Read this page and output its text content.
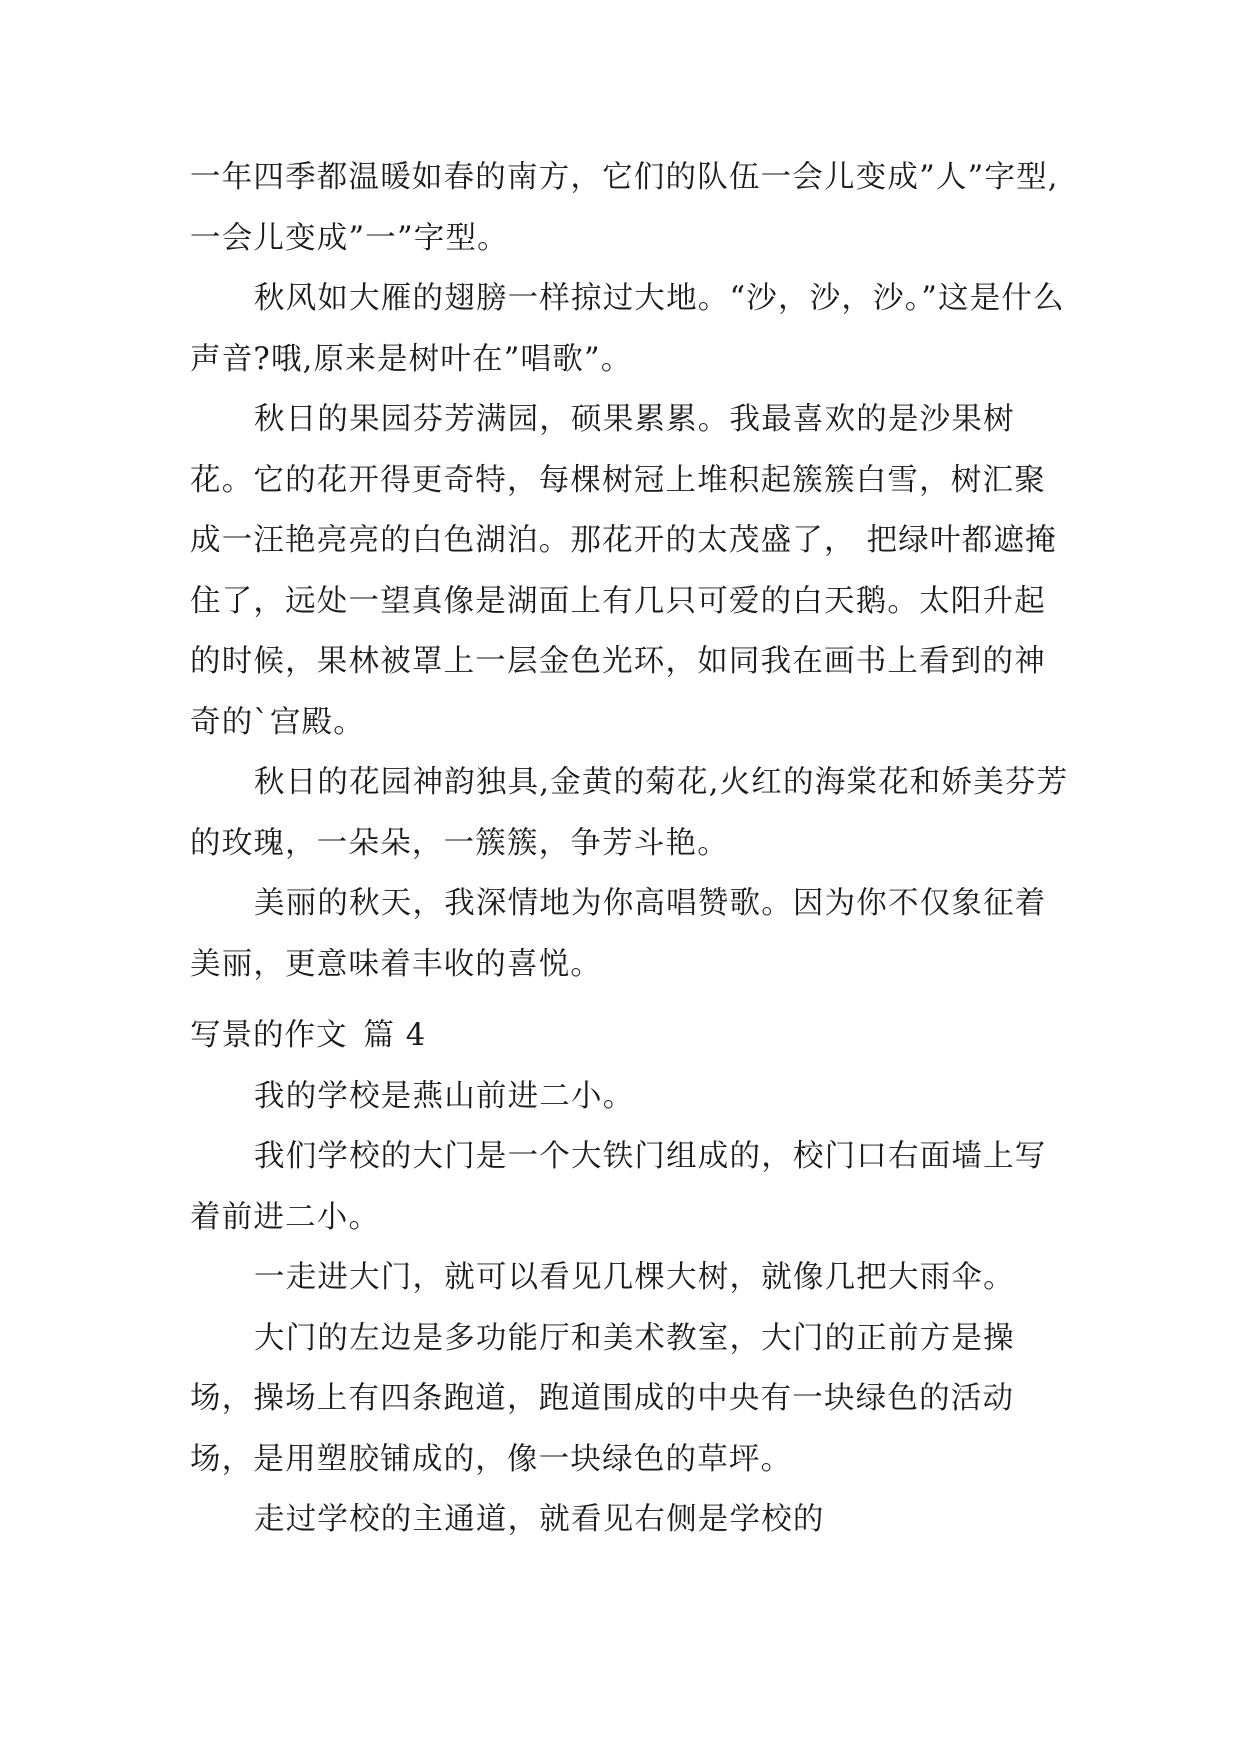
一年四季都温暖如春的南方，它们的队伍一会儿变成”人”字型,一会儿变成”一”字型。

秋风如大雁的翅膀一样掠过大地。“沙，沙，沙。”这是什么声音?哦,原来是树叶在”唱歌”。

秋日的果园芬芳满园，硕果累累。我最喜欢的是沙果树花。它的花开得更奇特，每棵树冠上堆积起簇簇白雪，树汇聚成一汪艳亮亮的白色湖泊。那花开的太茂盛了， 把绿叶都遮掩住了，远处一望真像是湖面上有几只可爱的白天鹅。太阳升起的时候，果林被罩上一层金色光环，如同我在画书上看到的神奇的`宫殿。

秋日的花园神韵独具,金黄的菊花,火红的海棠花和娇美芬芳的玫瑰，一朵朵，一簇簇，争芳斗艳。

美丽的秋天，我深情地为你高唱赞歌。因为你不仅象征着美丽，更意味着丰收的喜悦。

写景的作文 篇 4

我的学校是燕山前进二小。

我们学校的大门是一个大铁门组成的，校门口右面墙上写着前进二小。

一走进大门，就可以看见几棵大树，就像几把大雨伞。

大门的左边是多功能厅和美术教室，大门的正前方是操场，操场上有四条跑道，跑道围成的中央有一块绿色的活动场，是用塑胶铺成的，像一块绿色的草坪。

走过学校的主通道，就看见右侧是学校的
